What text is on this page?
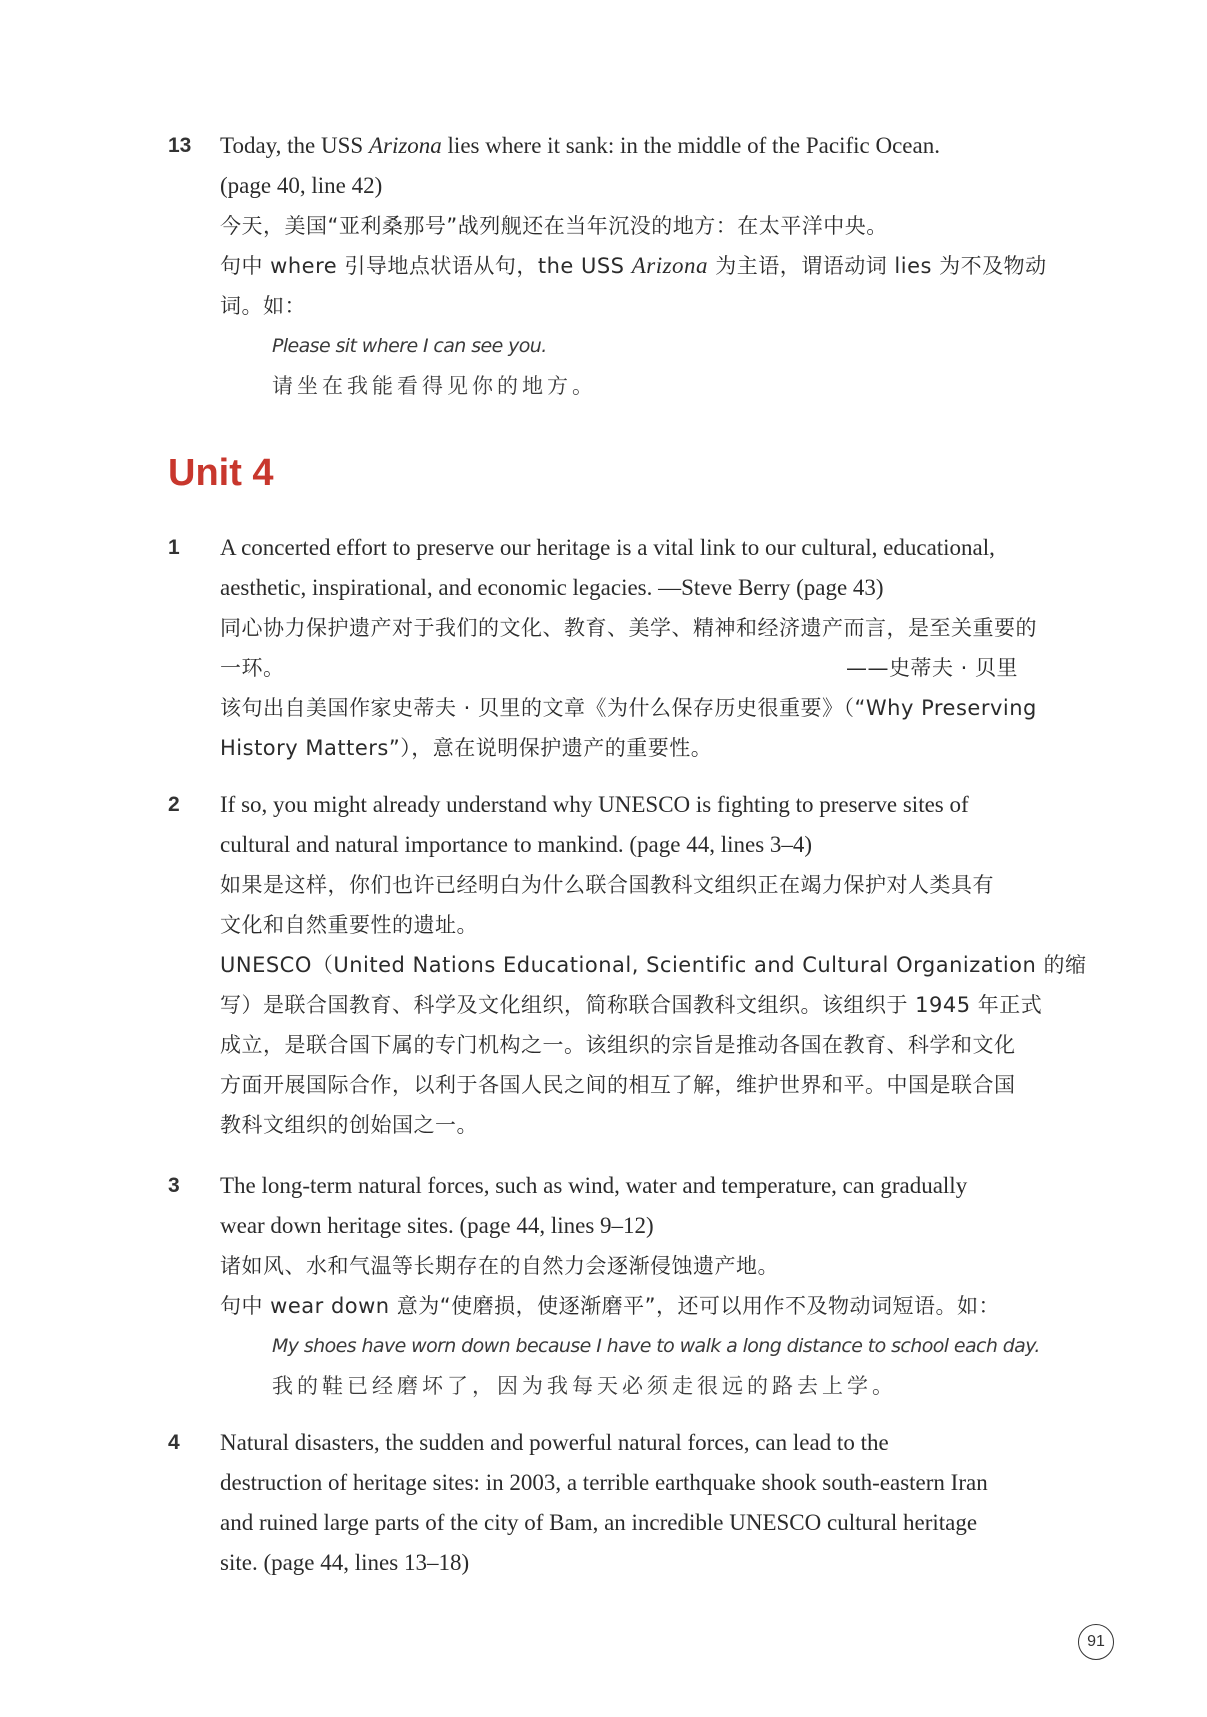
13 Today, the USS Arizona lies where it sank: in the middle of the Pacific Ocean.
(page 40, line 42)
今天，美国“亚利桑那号”战列舰还在当年沉没的地方：在太平洋中央。
句中 where 引导地点状语从句，the USS Arizona 为主语，谓语动词 lies 为不及物动
词。如：
Please sit where I can see you.
请坐在我能看得见你的地方。
Unit 4
1 A concerted effort to preserve our heritage is a vital link to our cultural, educational,
aesthetic, inspirational, and economic legacies. —Steve Berry (page 43)
同心协力保护遗产对于我们的文化、教育、美学、精神和经济遗产而言，是至关重要的
一环。	——史蒂夫 · 贝里
该句出自美国作家史蒂夫 · 贝里的文章《为什么保存历史很重要》（“Why Preserving
History Matters”），意在说明保护遗产的重要性。
2 If so, you might already understand why UNESCO is fighting to preserve sites of
cultural and natural importance to mankind. (page 44, lines 3–4)
如果是这样，你们也许已经明白为什么联合国教科文组织正在竭力保护对人类具有
文化和自然重要性的遗址。
UNESCO（United Nations Educational, Scientific and Cultural Organization 的缩
写）是联合国教育、科学及文化组织，简称联合国教科文组织。该组织于 1945 年正式
成立，是联合国下属的专门机构之一。该组织的宗旨是推动各国在教育、科学和文化
方面开展国际合作，以利于各国人民之间的相互了解，维护世界和平。中国是联合国
教科文组织的创始国之一。
3 The long-term natural forces, such as wind, water and temperature, can gradually
wear down heritage sites. (page 44, lines 9–12)
诸如风、水和气温等长期存在的自然力会逐渐侵蚀遗产地。
句中 wear down 意为“使磨损，使逐渐磨平”，还可以用作不及物动词短语。如：
My shoes have worn down because I have to walk a long distance to school each day.
我的鞋已经磨坏了，因为我每天必须走很远的路去上学。
4 Natural disasters, the sudden and powerful natural forces, can lead to the
destruction of heritage sites: in 2003, a terrible earthquake shook south-eastern Iran
and ruined large parts of the city of Bam, an incredible UNESCO cultural heritage
site. (page 44, lines 13–18)
91
